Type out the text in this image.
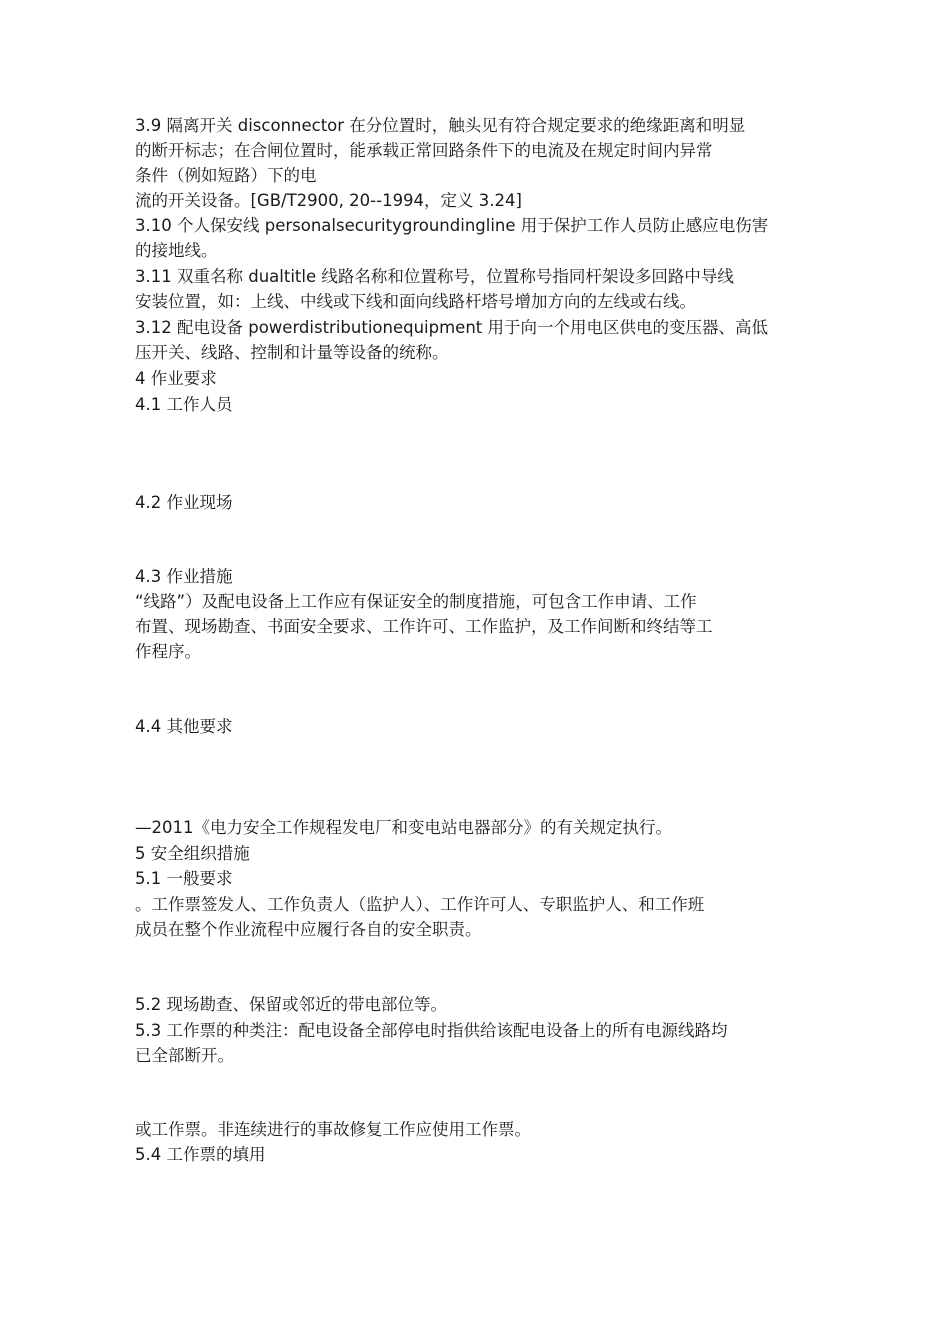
3.9 隔离开关 disconnector 在分位置时，触头见有符合规定要求的绝缘距离和明显
的断开标志；在合闸位置时，能承载正常回路条件下的电流及在规定时间内异常
条件（例如短路）下的电
流的开关设备。[GB/T2900, 20--1994，定义 3.24]
3.10 个人保安线 personalsecuritygroundingline 用于保护工作人员防止感应电伤害
的接地线。
3.11 双重名称 dualtitle 线路名称和位置称号，位置称号指同杆架设多回路中导线
安装位置，如：上线、中线或下线和面向线路杆塔号增加方向的左线或右线。
3.12 配电设备 powerdistributionequipment 用于向一个用电区供电的变压器、高低
压开关、线路、控制和计量等设备的统称。
4 作业要求
4.1 工作人员
4.2 作业现场
4.3 作业措施
“线路”）及配电设备上工作应有保证安全的制度措施，可包含工作申请、工作
布置、现场勘查、书面安全要求、工作许可、工作监护，及工作间断和终结等工
作程序。
4.4 其他要求
—2011《电力安全工作规程发电厂和变电站电器部分》的有关规定执行。
5 安全组织措施
5.1 一般要求
。工作票签发人、工作负责人（监护人）、工作许可人、专职监护人、和工作班
成员在整个作业流程中应履行各自的安全职责。
5.2 现场勘查、保留或邻近的带电部位等。
5.3 工作票的种类注：配电设备全部停电时指供给该配电设备上的所有电源线路均
已全部断开。
或工作票。非连续进行的事故修复工作应使用工作票。
5.4 工作票的填用
